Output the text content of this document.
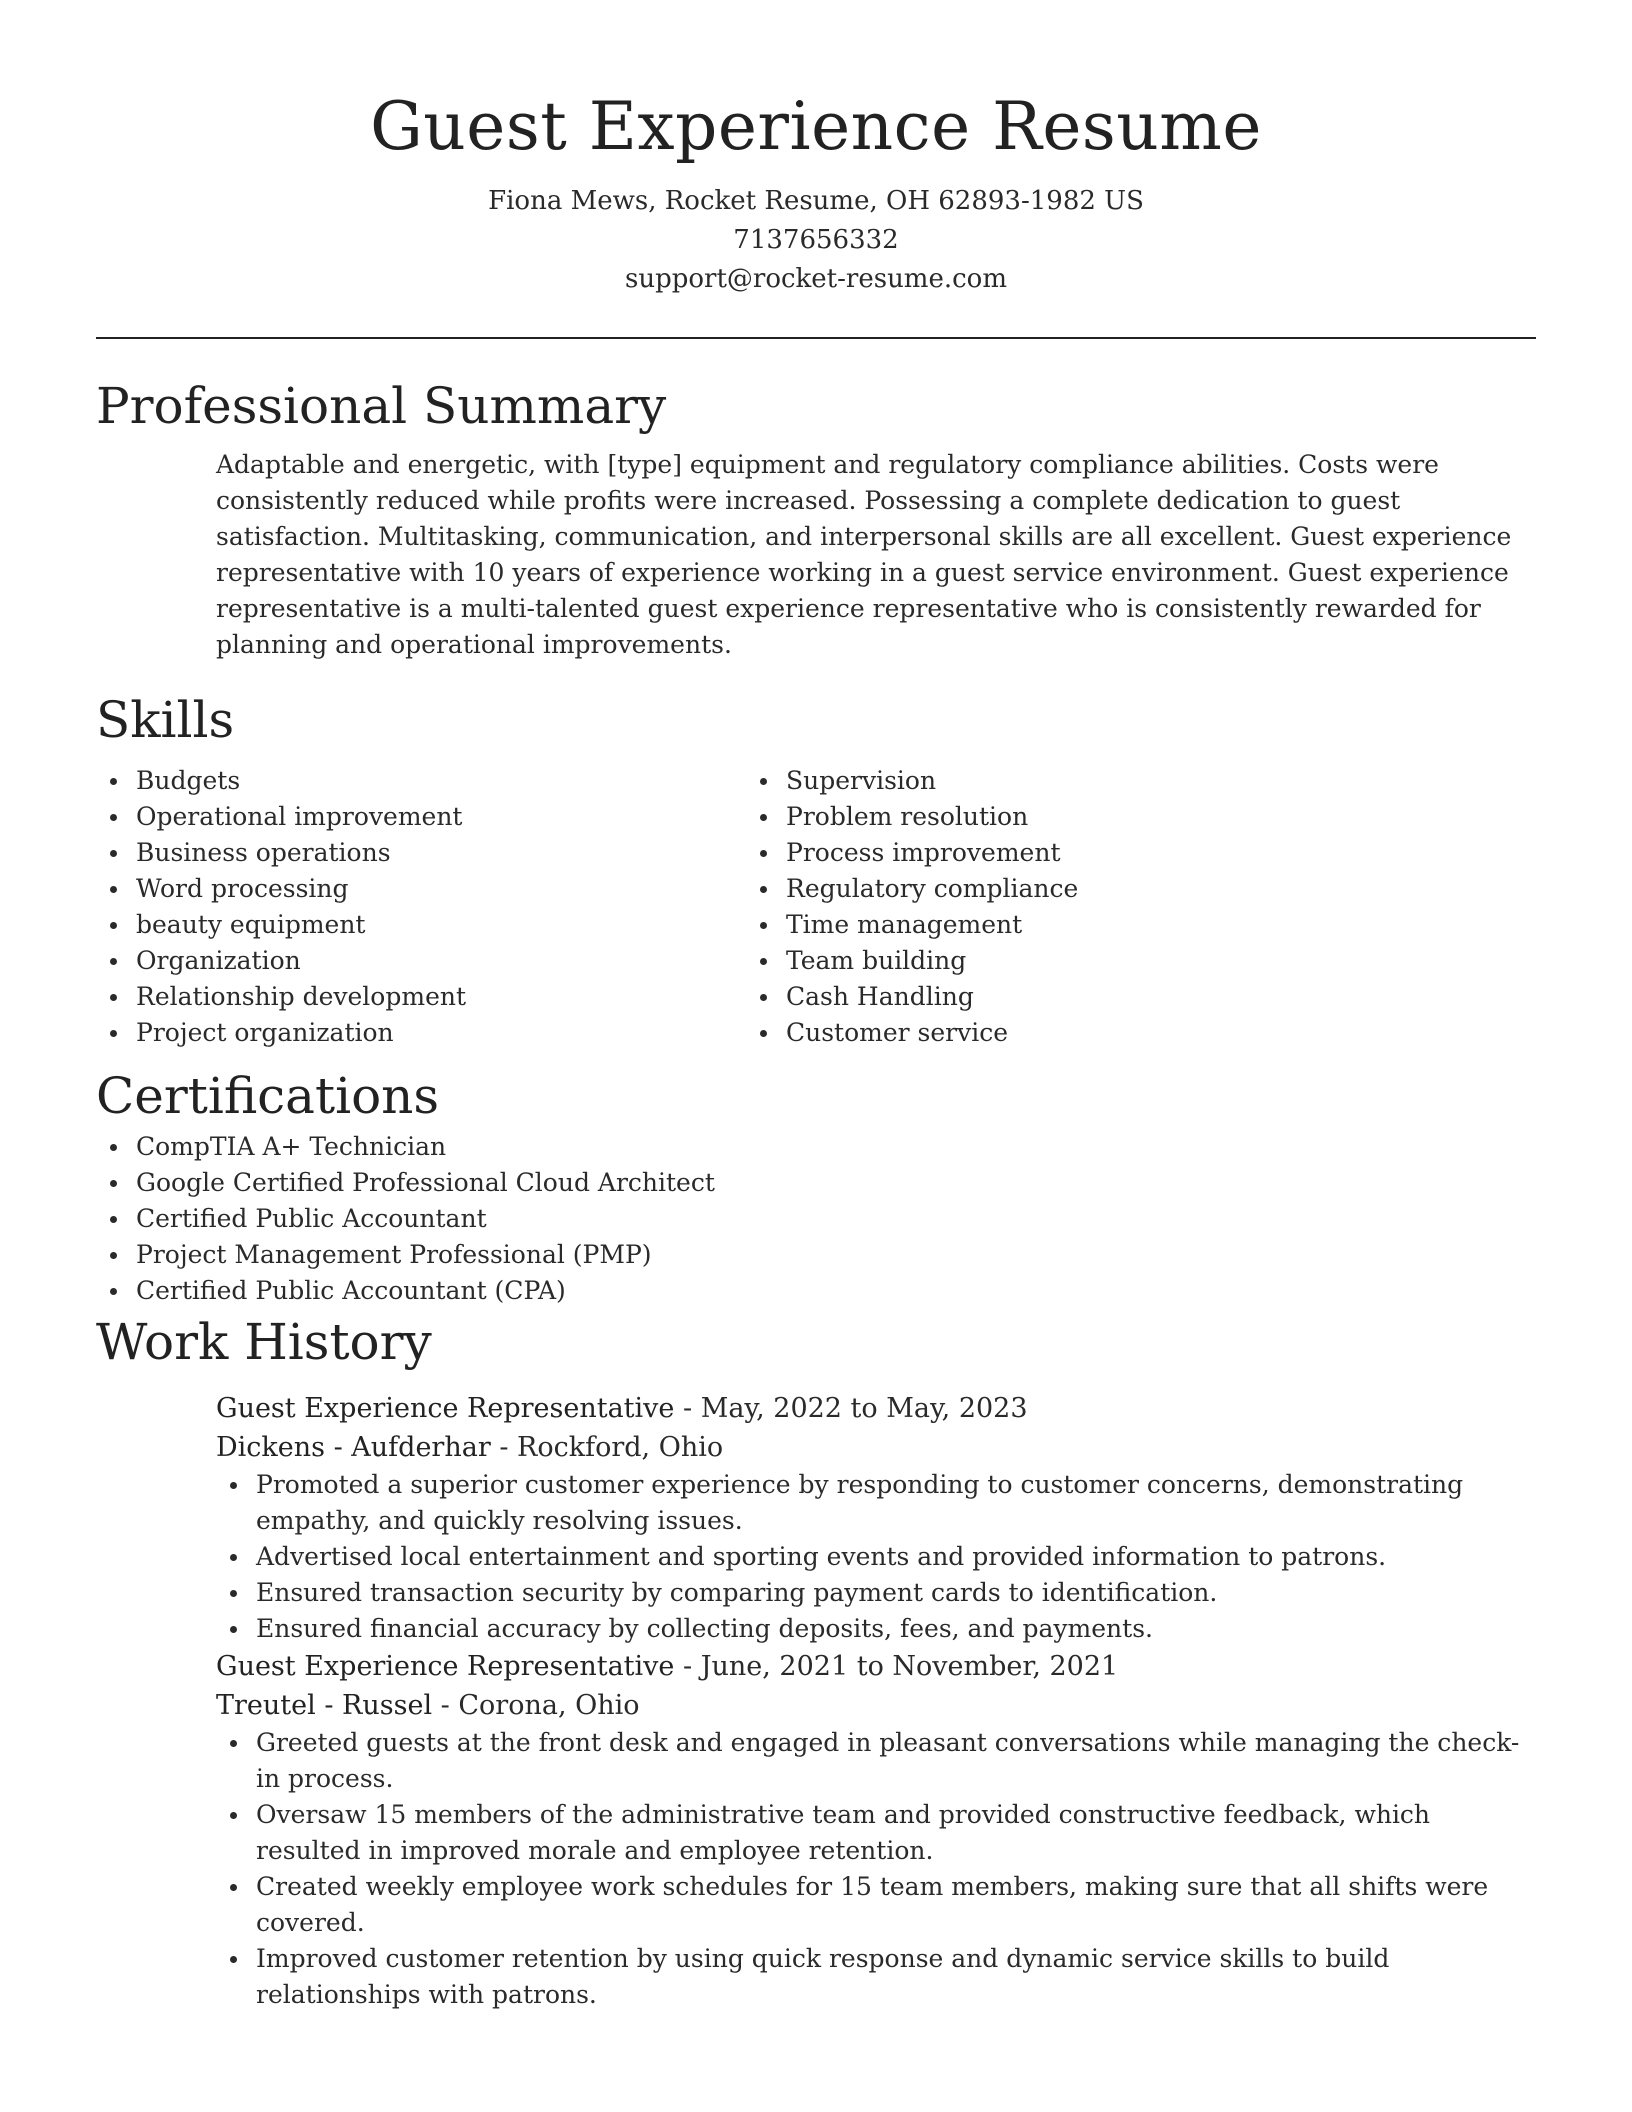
Guest Experience Resume
Fiona Mews, Rocket Resume, OH 62893-1982 US
7137656332
support@rocket-resume.com
Professional Summary

Adaptable and energetic, with [type] equipment and regulatory compliance abilities. Costs were consistently reduced while profits were increased. Possessing a complete dedication to guest satisfaction. Multitasking, communication, and interpersonal skills are all excellent. Guest experience representative with 10 years of experience working in a guest service environment. Guest experience representative is a multi-talented guest experience representative who is consistently rewarded for planning and operational improvements.

Skills
Budgets
Operational improvement
Business operations
Word processing
beauty equipment
Organization
Relationship development
Project organization
Supervision
Problem resolution
Process improvement
Regulatory compliance
Time management
Team building
Cash Handling
Customer service
Certifications
CompTIA A+ Technician
Google Certified Professional Cloud Architect
Certified Public Accountant
Project Management Professional (PMP)
Certified Public Accountant (CPA)
Work History
Guest Experience Representative - May, 2022 to May, 2023
Dickens - Aufderhar - Rockford, Ohio
Promoted a superior customer experience by responding to customer concerns, demonstrating empathy, and quickly resolving issues.
Advertised local entertainment and sporting events and provided information to patrons.
Ensured transaction security by comparing payment cards to identification.
Ensured financial accuracy by collecting deposits, fees, and payments.
Guest Experience Representative - June, 2021 to November, 2021
Treutel - Russel - Corona, Ohio
Greeted guests at the front desk and engaged in pleasant conversations while managing the check-in process.
Oversaw 15 members of the administrative team and provided constructive feedback, which resulted in improved morale and employee retention.
Created weekly employee work schedules for 15 team members, making sure that all shifts were covered.
Improved customer retention by using quick response and dynamic service skills to build relationships with patrons.
